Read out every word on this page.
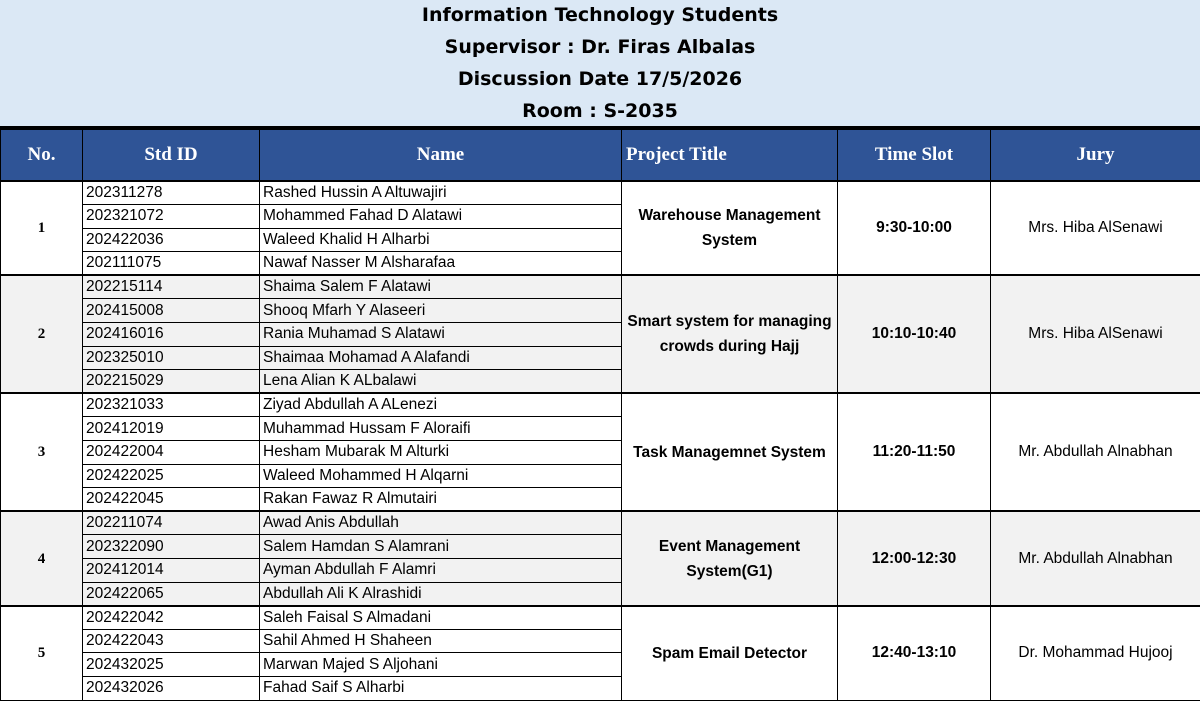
Information Technology Students
Supervisor : Dr. Firas Albalas
Discussion Date 17/5/2026
Room : S-2035
No.	Std ID	Name	Project Title	Time Slot	Jury
1	202311278	Rashed Hussin A Altuwajiri	Warehouse Management System	9:30-10:00	Mrs. Hiba AlSenawi
	202321072	Mohammed Fahad D Alatawi			
	202422036	Waleed Khalid H Alharbi			
	202111075	Nawaf Nasser M Alsharafaa			
2	202215114	Shaima Salem F Alatawi	Smart system for managing crowds during Hajj	10:10-10:40	Mrs. Hiba AlSenawi
	202415008	Shooq Mfarh Y Alaseeri			
	202416016	Rania Muhamad S Alatawi			
	202325010	Shaimaa Mohamad A Alafandi			
	202215029	Lena Alian K ALbalawi			
3	202321033	Ziyad Abdullah A ALenezi	Task Managemnet System	11:20-11:50	Mr. Abdullah Alnabhan
	202412019	Muhammad Hussam F Aloraifi			
	202422004	Hesham Mubarak M Alturki			
	202422025	Waleed Mohammed H Alqarni			
	202422045	Rakan Fawaz R Almutairi			
4	202211074	Awad Anis Abdullah	Event Management System(G1)	12:00-12:30	Mr. Abdullah Alnabhan
	202322090	Salem Hamdan S Alamrani			
	202412014	Ayman Abdullah F Alamri			
	202422065	Abdullah Ali K Alrashidi			
5	202422042	Saleh Faisal S Almadani	Spam Email Detector	12:40-13:10	Dr. Mohammad Hujooj
	202422043	Sahil Ahmed H Shaheen			
	202432025	Marwan Majed S Aljohani			
	202432026	Fahad Saif S Alharbi			
